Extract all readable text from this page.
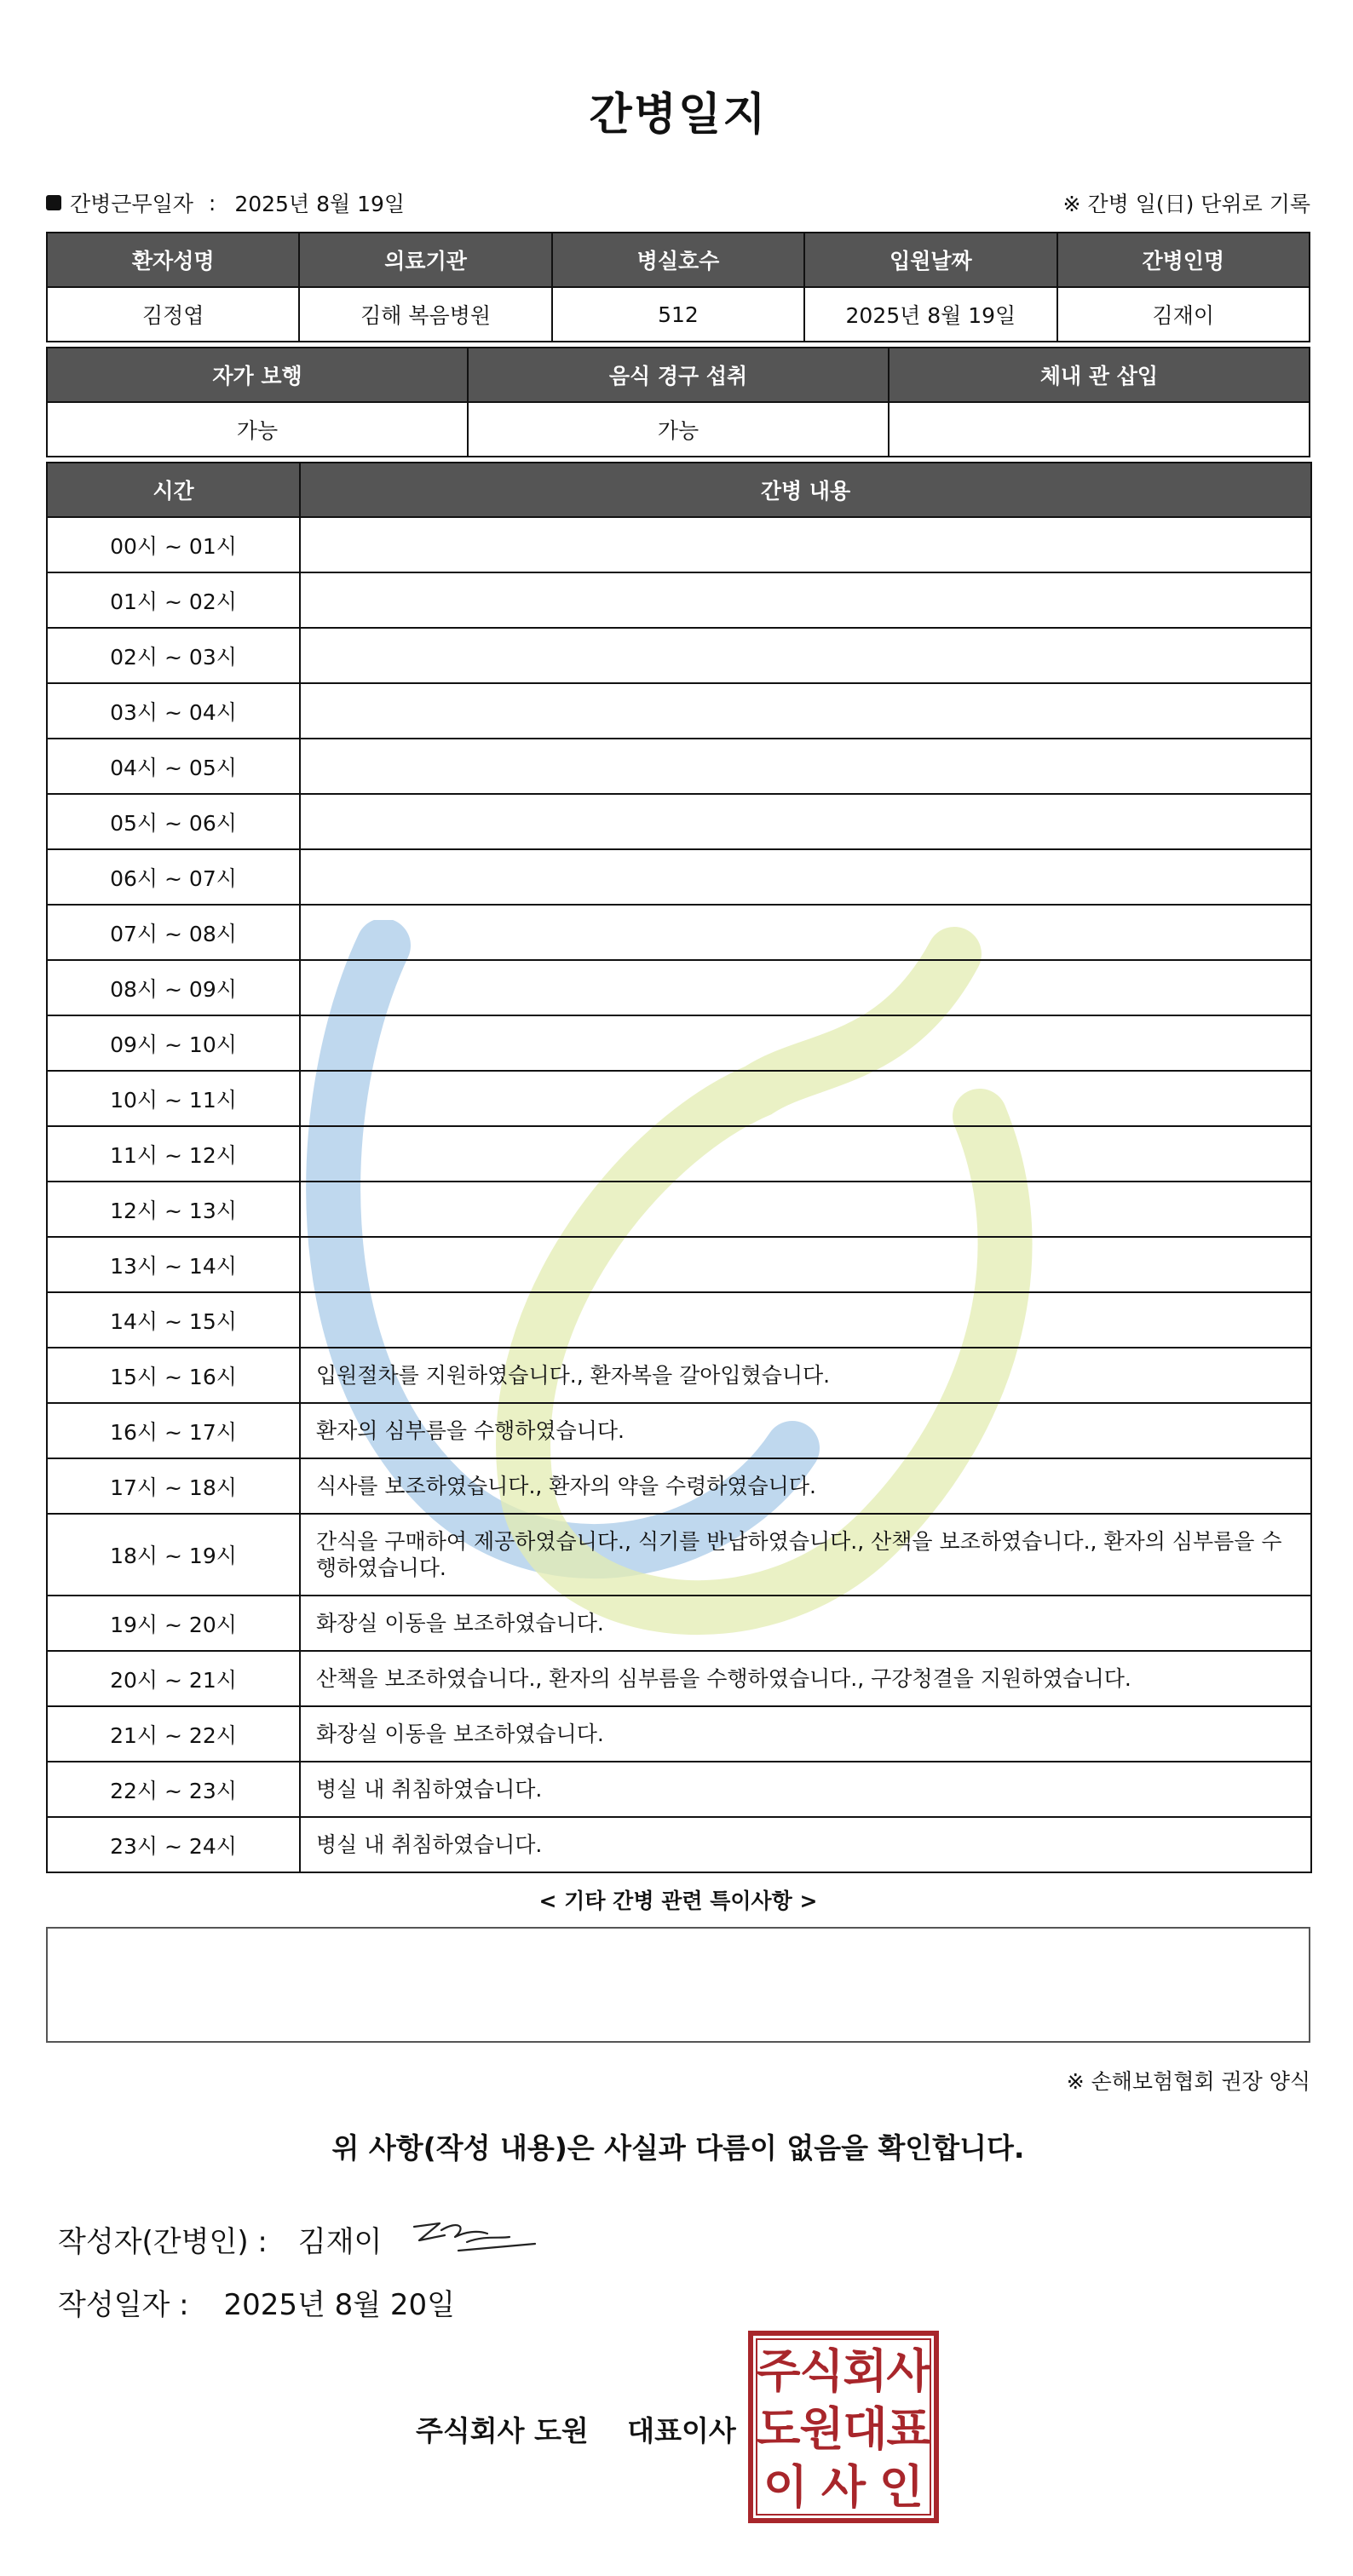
간병일지
간병근무일자 : 2025년 8월 19일	※ 간병 일(日) 단위로 기록
환자성명	의료기관	병실호수	입원날짜	간병인명
김정엽	김해 복음병원	512	2025년 8월 19일	김재이
자가 보행	음식 경구 섭취	체내 관 삽입
가능	가능	
시간	간병 내용
00시 ~ 01시	
01시 ~ 02시	
02시 ~ 03시	
03시 ~ 04시	
04시 ~ 05시	
05시 ~ 06시	
06시 ~ 07시	
07시 ~ 08시	
08시 ~ 09시	
09시 ~ 10시	
10시 ~ 11시	
11시 ~ 12시	
12시 ~ 13시	
13시 ~ 14시	
14시 ~ 15시	
15시 ~ 16시	입원절차를 지원하였습니다., 환자복을 갈아입혔습니다.
16시 ~ 17시	환자의 심부름을 수행하였습니다.
17시 ~ 18시	식사를 보조하였습니다., 환자의 약을 수령하였습니다.
18시 ~ 19시	간식을 구매하여 제공하였습니다., 식기를 반납하였습니다., 산책을 보조하였습니다., 환자의 심부름을 수행하였습니다.
19시 ~ 20시	화장실 이동을 보조하였습니다.
20시 ~ 21시	산책을 보조하였습니다., 환자의 심부름을 수행하였습니다., 구강청결을 지원하였습니다.
21시 ~ 22시	화장실 이동을 보조하였습니다.
22시 ~ 23시	병실 내 취침하였습니다.
23시 ~ 24시	병실 내 취침하였습니다.
< 기타 간병 관련 특이사항 >
※ 손해보험협회 권장 양식
위 사항(작성 내용)은 사실과 다름이 없음을 확인합니다.
작성자(간병인) : 김재이
작성일자 : 2025년 8월 20일
주식회사 도원 대표이사
주
식
회
사
도
원
대
표
이 사 인
